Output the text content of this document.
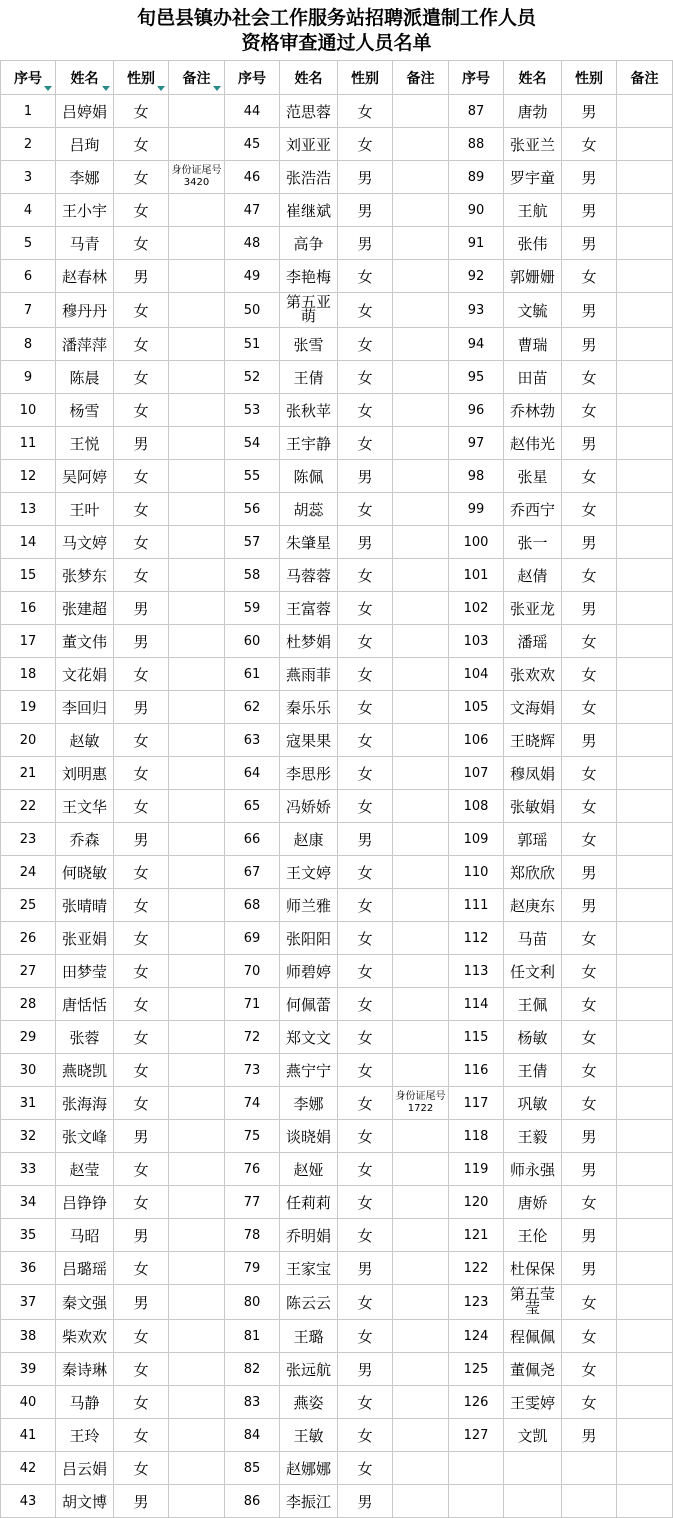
旬邑县镇办社会工作服务站招聘派遣制工作人员
资格审查通过人员名单
序号	姓名	性别	备注	序号	姓名	性别	备注	序号	姓名	性别	备注
1	吕婷娟	女		44	范思蓉	女		87	唐勃	男	
2	吕珣	女		45	刘亚亚	女		88	张亚兰	女	
3	李娜	女	身份证尾号3420	46	张浩浩	男		89	罗宇童	男	
4	王小宇	女		47	崔继斌	男		90	王航	男	
5	马青	女		48	高争	男		91	张伟	男	
6	赵春林	男		49	李艳梅	女		92	郭姗姗	女	
7	穆丹丹	女		50	第五亚萌	女		93	文毓	男	
8	潘萍萍	女		51	张雪	女		94	曹瑞	男	
9	陈晨	女		52	王倩	女		95	田苗	女	
10	杨雪	女		53	张秋苹	女		96	乔林勃	女	
11	王悦	男		54	王宇静	女		97	赵伟光	男	
12	吴阿婷	女		55	陈佩	男		98	张星	女	
13	王叶	女		56	胡蕊	女		99	乔西宁	女	
14	马文婷	女		57	朱肇星	男		100	张一	男	
15	张梦东	女		58	马蓉蓉	女		101	赵倩	女	
16	张建超	男		59	王富蓉	女		102	张亚龙	男	
17	董文伟	男		60	杜梦娟	女		103	潘瑶	女	
18	文花娟	女		61	燕雨菲	女		104	张欢欢	女	
19	李回归	男		62	秦乐乐	女		105	文海娟	女	
20	赵敏	女		63	寇果果	女		106	王晓辉	男	
21	刘明惠	女		64	李思彤	女		107	穆凤娟	女	
22	王文华	女		65	冯娇娇	女		108	张敏娟	女	
23	乔森	男		66	赵康	男		109	郭瑶	女	
24	何晓敏	女		67	王文婷	女		110	郑欣欣	男	
25	张晴晴	女		68	师兰雅	女		111	赵庚东	男	
26	张亚娟	女		69	张阳阳	女		112	马苗	女	
27	田梦莹	女		70	师碧婷	女		113	任文利	女	
28	唐恬恬	女		71	何佩蕾	女		114	王佩	女	
29	张蓉	女		72	郑文文	女		115	杨敏	女	
30	燕晓凯	女		73	燕宁宁	女		116	王倩	女	
31	张海海	女		74	李娜	女	身份证尾号1722	117	巩敏	女	
32	张文峰	男		75	谈晓娟	女		118	王毅	男	
33	赵莹	女		76	赵娅	女		119	师永强	男	
34	吕铮铮	女		77	任莉莉	女		120	唐娇	女	
35	马昭	男		78	乔明娟	女		121	王伦	男	
36	吕璐瑶	女		79	王家宝	男		122	杜保保	男	
37	秦文强	男		80	陈云云	女		123	第五莹莹	女	
38	柴欢欢	女		81	王璐	女		124	程佩佩	女	
39	秦诗琳	女		82	张远航	男		125	董佩尧	女	
40	马静	女		83	燕姿	女		126	王雯婷	女	
41	王玲	女		84	王敏	女		127	文凯	男	
42	吕云娟	女		85	赵娜娜	女					
43	胡文博	男		86	李振江	男					
